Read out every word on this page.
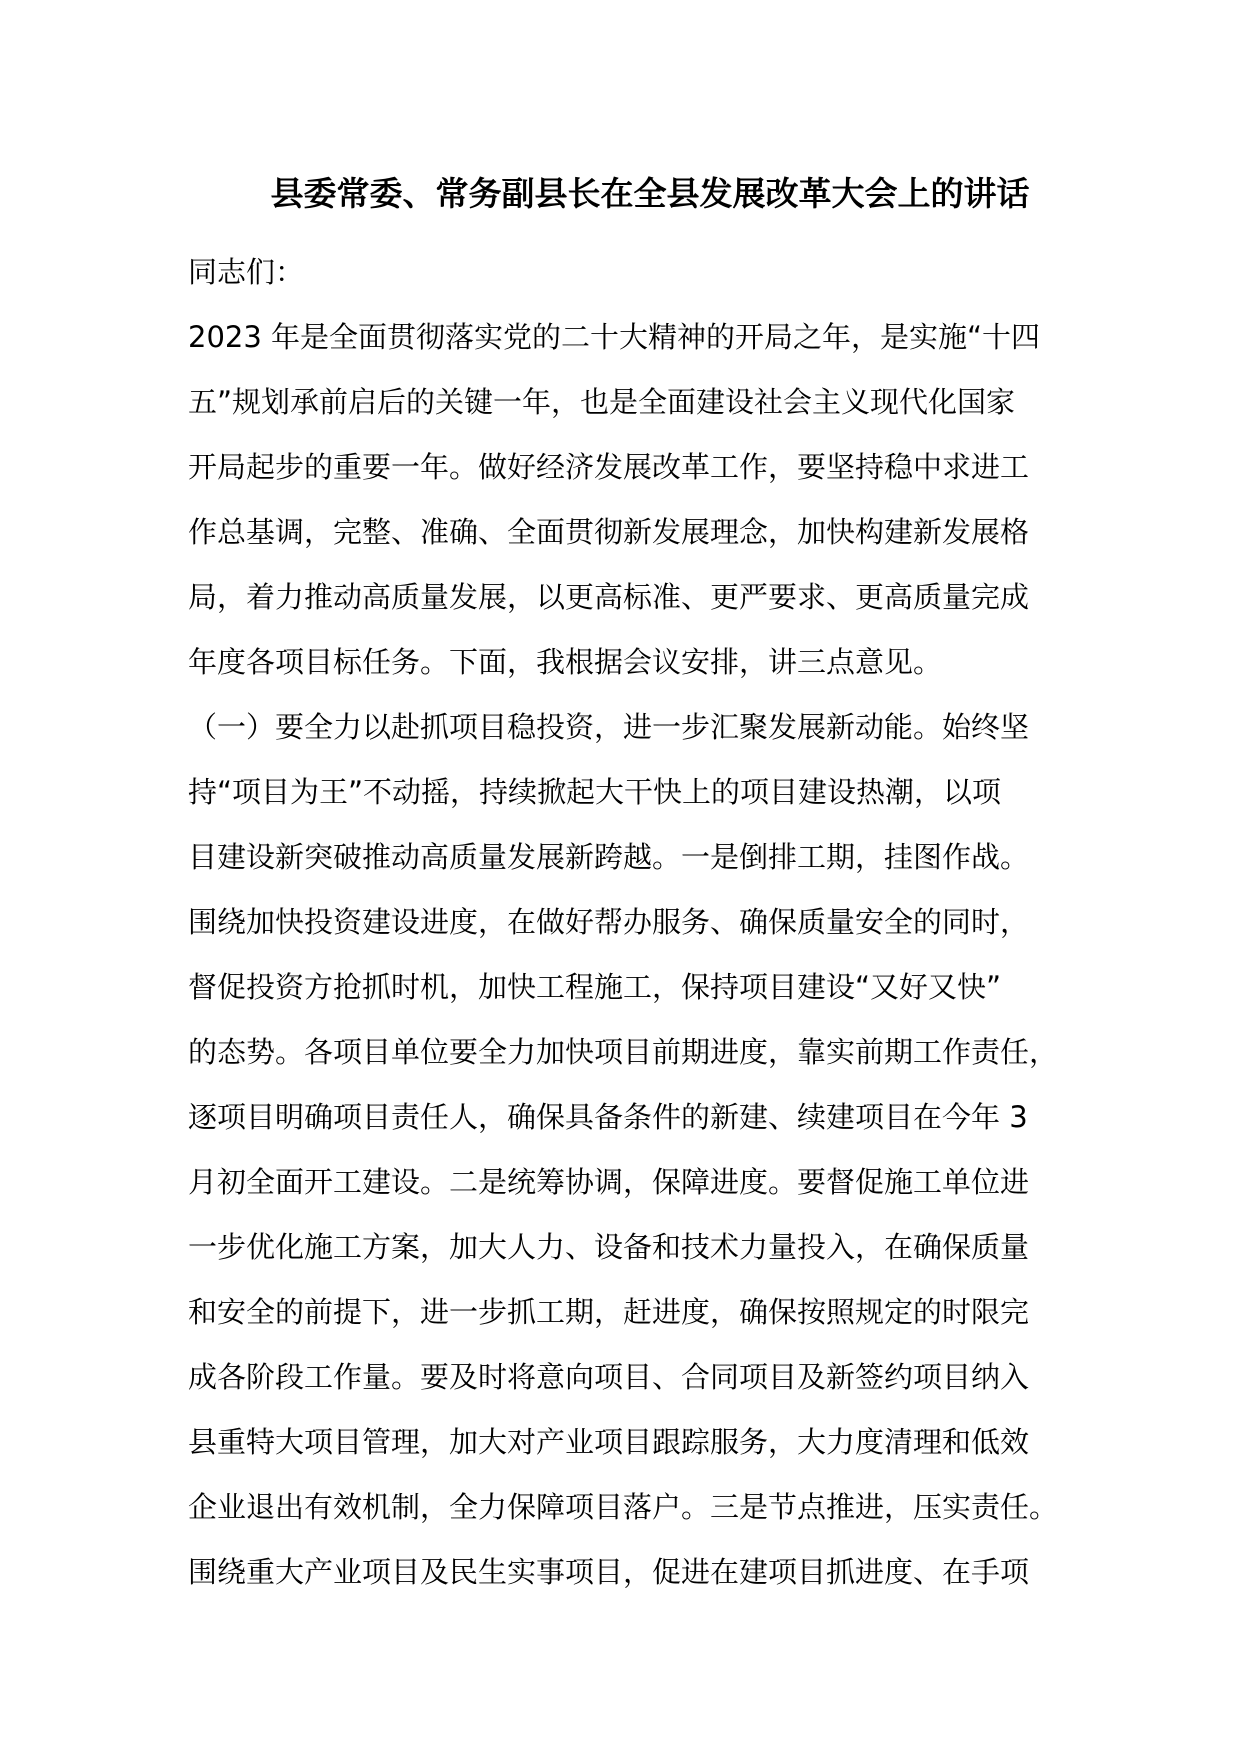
县委常委、常务副县长在全县发展改革大会上的讲话
同志们：
2023 年是全面贯彻落实党的二十大精神的开局之年，是实施“十四
五”规划承前启后的关键一年，也是全面建设社会主义现代化国家
开局起步的重要一年。做好经济发展改革工作，要坚持稳中求进工
作总基调，完整、准确、全面贯彻新发展理念，加快构建新发展格
局，着力推动高质量发展，以更高标准、更严要求、更高质量完成
年度各项目标任务。下面，我根据会议安排，讲三点意见。
（一）要全力以赴抓项目稳投资，进一步汇聚发展新动能。始终坚
持“项目为王”不动摇，持续掀起大干快上的项目建设热潮，以项
目建设新突破推动高质量发展新跨越。一是倒排工期，挂图作战。
围绕加快投资建设进度，在做好帮办服务、确保质量安全的同时，
督促投资方抢抓时机，加快工程施工，保持项目建设“又好又快”
的态势。各项目单位要全力加快项目前期进度，靠实前期工作责任，
逐项目明确项目责任人，确保具备条件的新建、续建项目在今年 3
月初全面开工建设。二是统筹协调，保障进度。要督促施工单位进
一步优化施工方案，加大人力、设备和技术力量投入，在确保质量
和安全的前提下，进一步抓工期，赶进度，确保按照规定的时限完
成各阶段工作量。要及时将意向项目、合同项目及新签约项目纳入
县重特大项目管理，加大对产业项目跟踪服务，大力度清理和低效
企业退出有效机制，全力保障项目落户。三是节点推进，压实责任。
围绕重大产业项目及民生实事项目，促进在建项目抓进度、在手项
